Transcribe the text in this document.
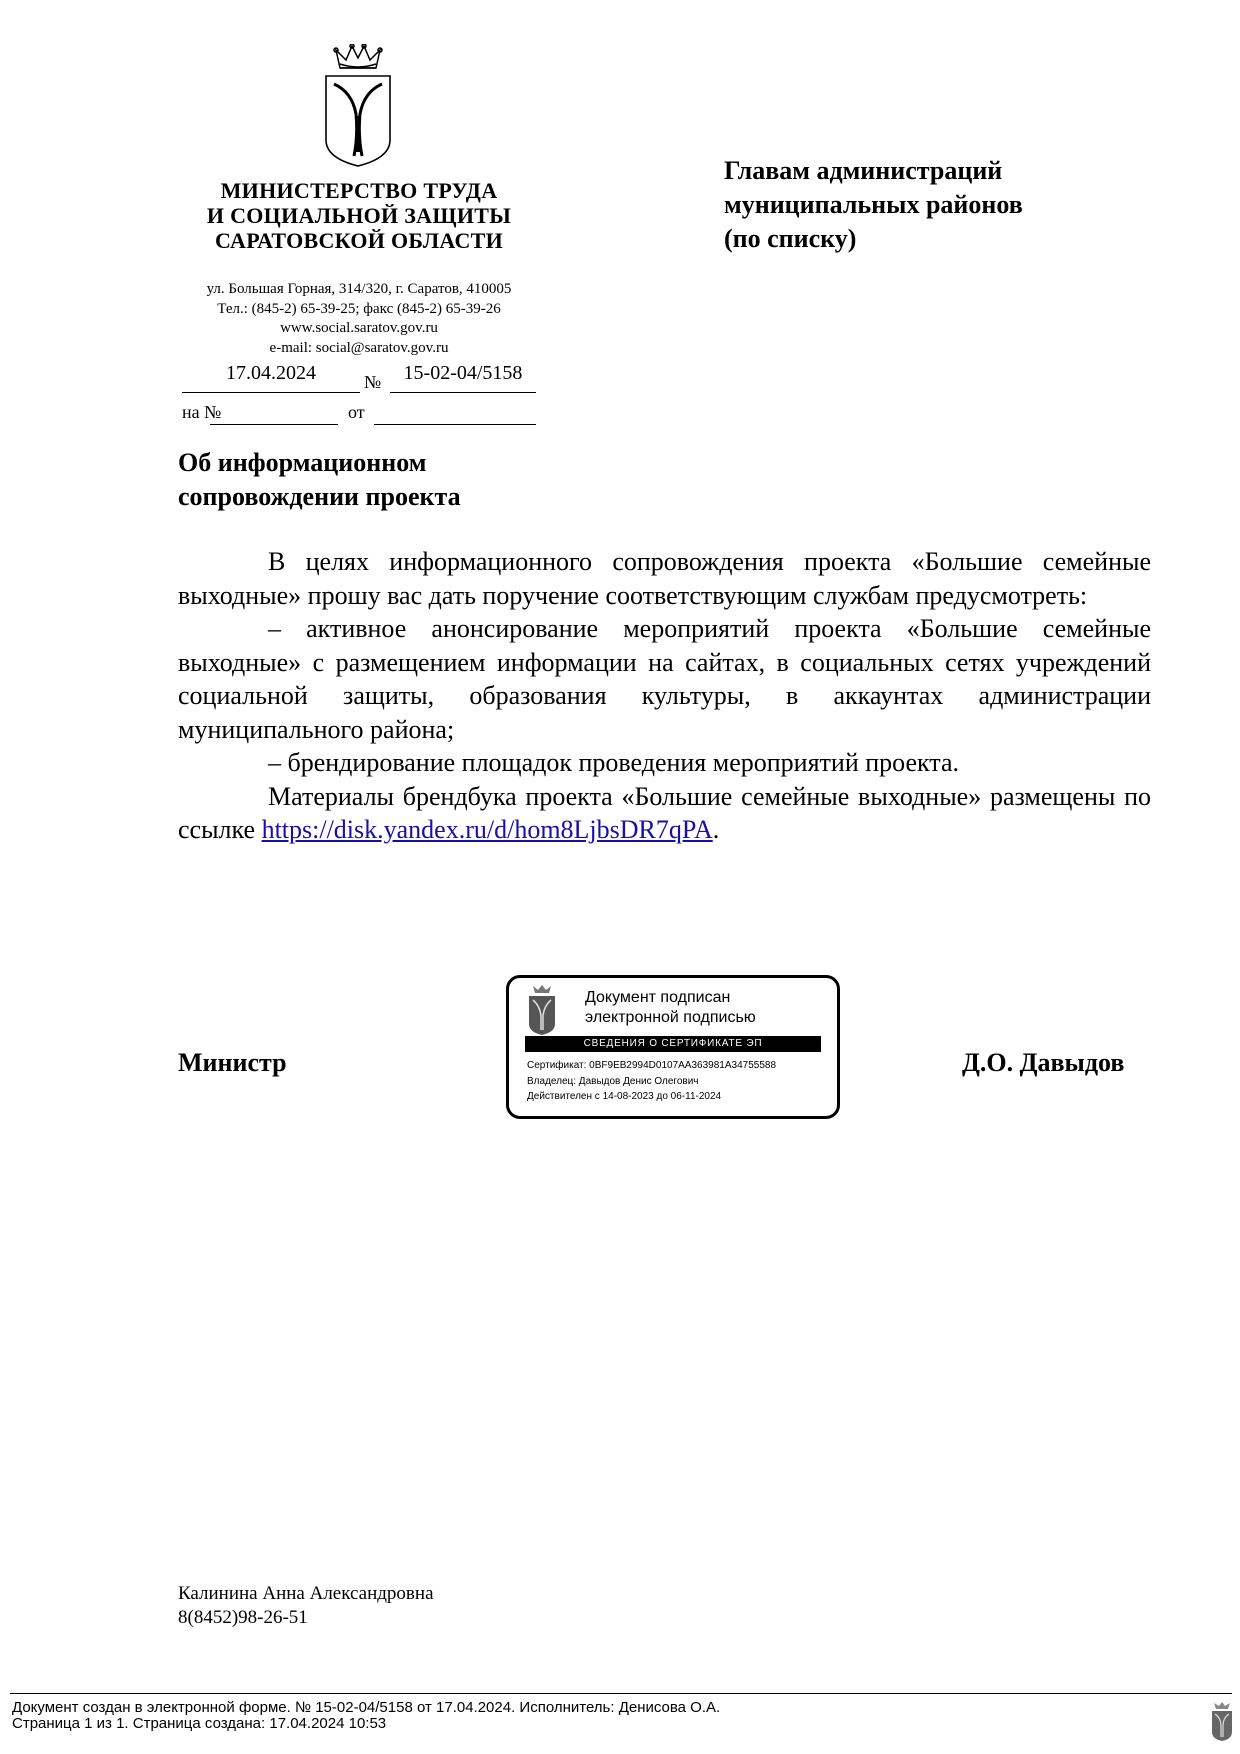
МИНИСТЕРСТВО ТРУДА
И СОЦИАЛЬНОЙ ЗАЩИТЫ
САРАТОВСКОЙ ОБЛАСТИ
ул. Большая Горная, 314/320, г. Саратов, 410005
Тел.: (845-2) 65-39-25; факс (845-2) 65-39-26
www.social.saratov.gov.ru
e-mail: social@saratov.gov.ru
17.04.2024	№	15-02-04/5158
на №	от
Главам администраций
муниципальных районов
(по списку)
Об информационном
сопровождении проекта

В целях информационного сопровождения проекта «Большие семейные выходные» прошу вас дать поручение соответствующим службам предусмотреть:

– активное анонсирование мероприятий проекта «Большие семейные выходные» с размещением информации на сайтах, в социальных сетях учреждений социальной защиты, образования культуры, в аккаунтах администрации муниципального района;

– брендирование площадок проведения мероприятий проекта.

Материалы брендбука проекта «Большие семейные выходные» размещены по ссылке https://disk.yandex.ru/d/hom8LjbsDR7qPA.

Министр
Документ подписан
электронной подписью
СВЕДЕНИЯ О СЕРТИФИКАТЕ ЭП
Сертификат: 0BF9EB2994D0107AA363981A34755588
Владелец: Давыдов Денис Олегович
Действителен с 14-08-2023 до 06-11-2024
Д.О. Давыдов
Калинина Анна Александровна
8(8452)98-26-51
Документ создан в электронной форме. № 15-02-04/5158 от 17.04.2024. Исполнитель: Денисова О.А.
Страница 1 из 1. Страница создана: 17.04.2024 10:53
